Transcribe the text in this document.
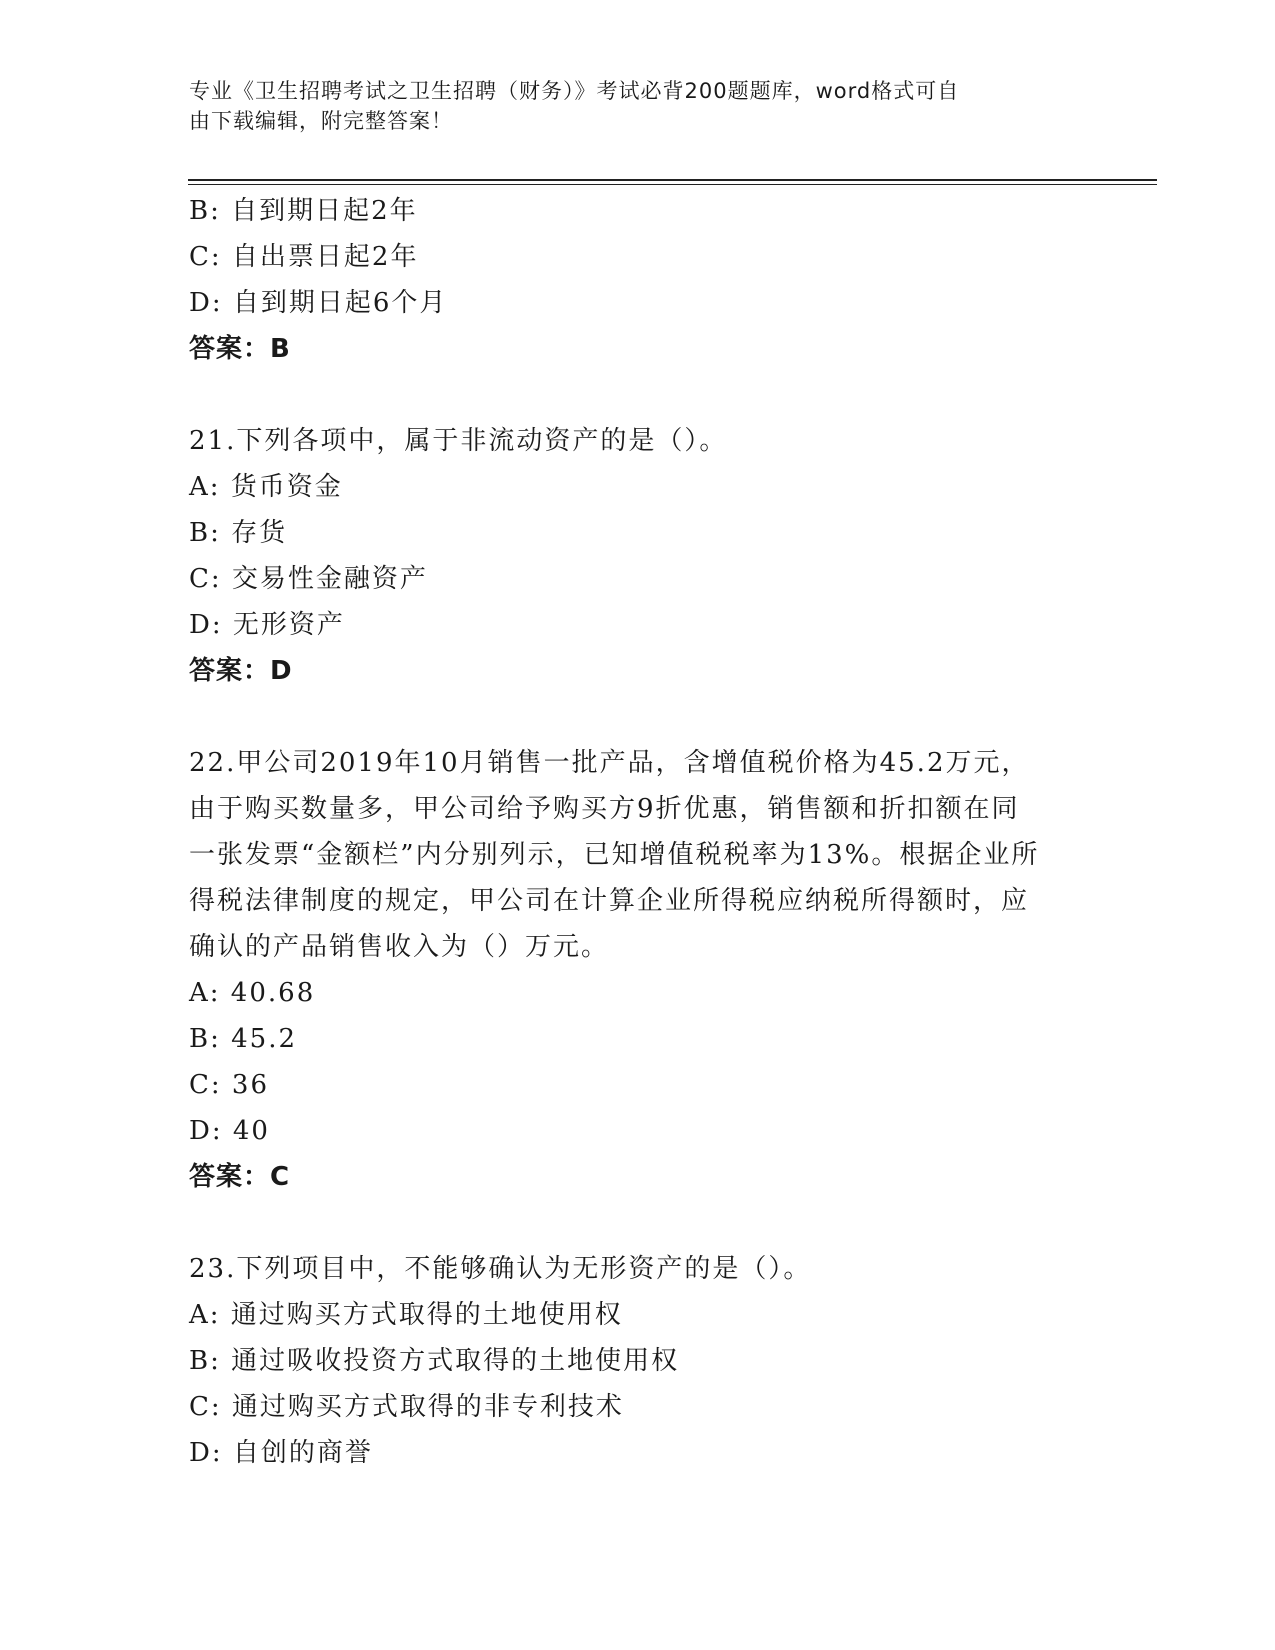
专业《卫生招聘考试之卫生招聘（财务）》考试必背200题题库，word格式可自
由下载编辑，附完整答案！
B: 自到期日起2年
C: 自出票日起2年
D: 自到期日起6个月
答案：B
21.下列各项中，属于非流动资产的是（）。
A: 货币资金
B: 存货
C: 交易性金融资产
D: 无形资产
答案：D
22.甲公司2019年10月销售一批产品，含增值税价格为45.2万元，
由于购买数量多，甲公司给予购买方9折优惠，销售额和折扣额在同
一张发票“金额栏”内分别列示，已知增值税税率为13%。根据企业所
得税法律制度的规定，甲公司在计算企业所得税应纳税所得额时，应
确认的产品销售收入为（）万元。
A: 40.68
B: 45.2
C: 36
D: 40
答案：C
23.下列项目中，不能够确认为无形资产的是（）。
A: 通过购买方式取得的土地使用权
B: 通过吸收投资方式取得的土地使用权
C: 通过购买方式取得的非专利技术
D: 自创的商誉
